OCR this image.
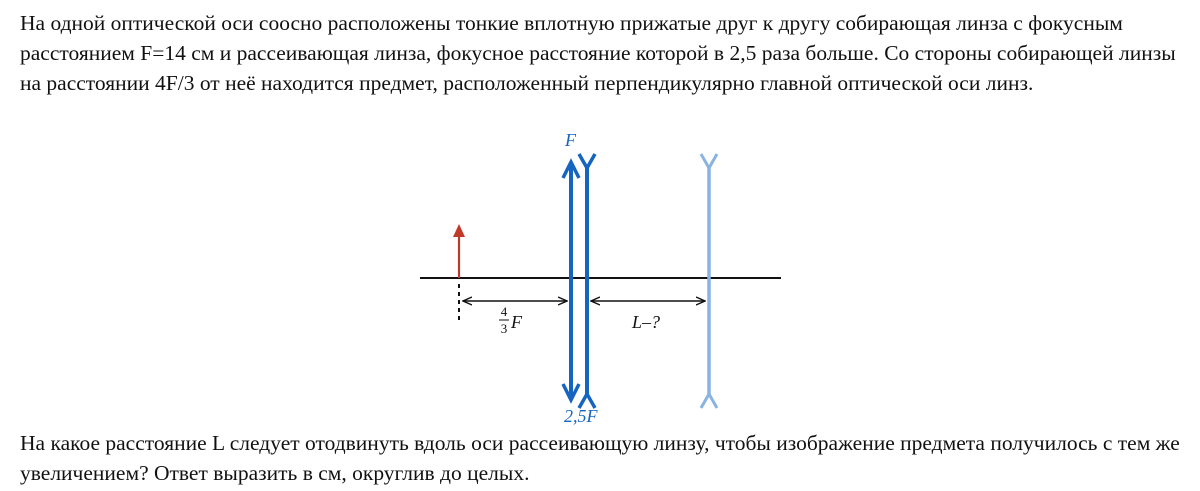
На одной оптической оси соосно расположены тонкие вплотную прижатые друг к другу собирающая линза с фокусным расстоянием F=14 см и рассеивающая линза, фокусное расстояние которой в 2,5 раза больше. Со стороны собирающей линзы на расстоянии 4F/3 от неё находится предмет, расположенный перпендикулярно главной оптической оси линз.

F
2,5F
4
3 F	L–?

На какое расстояние L следует отодвинуть вдоль оси рассеивающую линзу, чтобы изображение предмета получилось с тем же увеличением? Ответ выразить в см, округлив до целых.
